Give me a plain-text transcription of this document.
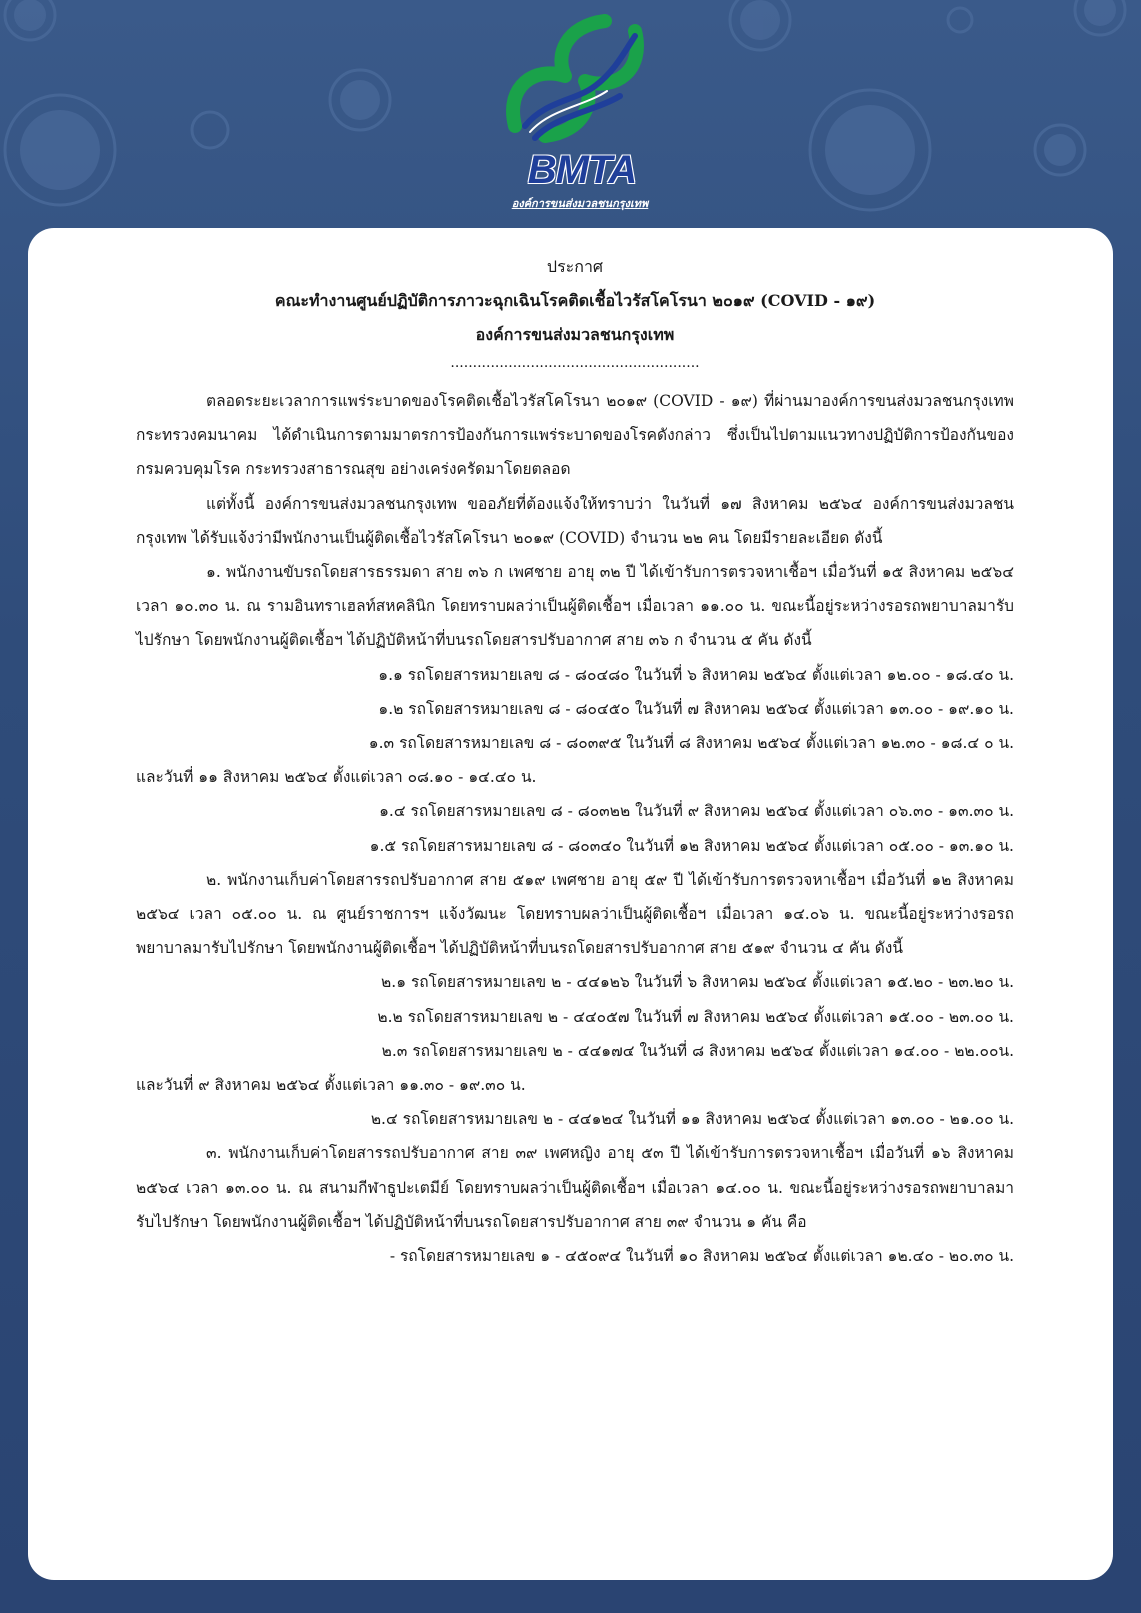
BMTA
องค์การขนส่งมวลชนกรุงเทพ
ประกาศ
คณะทำงานศูนย์ปฏิบัติการภาวะฉุกเฉินโรคติดเชื้อไวรัสโคโรนา ๒๐๑๙ (COVID - ๑๙)
องค์การขนส่งมวลชนกรุงเทพ
........................................................

ตลอดระยะเวลาการแพร่ระบาดของโรคติดเชื้อไวรัสโคโรนา ๒๐๑๙ (COVID - ๑๙) ที่ผ่านมาองค์การขนส่งมวลชนกรุงเทพ กระทรวงคมนาคม ได้ดำเนินการตามมาตรการป้องกันการแพร่ระบาดของโรคดังกล่าว ซึ่งเป็นไปตามแนวทางปฏิบัติการป้องกันของกรมควบคุมโรค กระทรวงสาธารณสุข อย่างเคร่งครัดมาโดยตลอด

แต่ทั้งนี้ องค์การขนส่งมวลชนกรุงเทพ ขออภัยที่ต้องแจ้งให้ทราบว่า ในวันที่ ๑๗ สิงหาคม ๒๕๖๔ องค์การขนส่งมวลชนกรุงเทพ ได้รับแจ้งว่ามีพนักงานเป็นผู้ติดเชื้อไวรัสโคโรนา ๒๐๑๙ (COVID) จำนวน ๒๒ คน โดยมีรายละเอียด ดังนี้

๑. พนักงานขับรถโดยสารธรรมดา สาย ๓๖ ก เพศชาย อายุ ๓๒ ปี ได้เข้ารับการตรวจหาเชื้อฯ เมื่อวันที่ ๑๕ สิงหาคม ๒๕๖๔ เวลา ๑๐.๓๐ น. ณ รามอินทราเฮลท์สหคลินิก โดยทราบผลว่าเป็นผู้ติดเชื้อฯ เมื่อเวลา ๑๑.๐๐ น. ขณะนี้อยู่ระหว่างรอรถพยาบาลมารับไปรักษา โดยพนักงานผู้ติดเชื้อฯ ได้ปฏิบัติหน้าที่บนรถโดยสารปรับอากาศ สาย ๓๖ ก จำนวน ๕ คัน ดังนี้

๑.๑ รถโดยสารหมายเลข ๘ - ๘๐๔๘๐ ในวันที่ ๖ สิงหาคม ๒๕๖๔ ตั้งแต่เวลา ๑๒.๐๐ - ๑๘.๔๐ น.

๑.๒ รถโดยสารหมายเลข ๘ - ๘๐๔๕๐ ในวันที่ ๗ สิงหาคม ๒๕๖๔ ตั้งแต่เวลา ๑๓.๐๐ - ๑๙.๑๐ น.

๑.๓ รถโดยสารหมายเลข ๘ - ๘๐๓๙๕ ในวันที่ ๘ สิงหาคม ๒๕๖๔ ตั้งแต่เวลา ๑๒.๓๐ - ๑๘.๔ ๐ น.

และวันที่ ๑๑ สิงหาคม ๒๕๖๔ ตั้งแต่เวลา ๐๘.๑๐ - ๑๔.๔๐ น.

๑.๔ รถโดยสารหมายเลข ๘ - ๘๐๓๒๒ ในวันที่ ๙ สิงหาคม ๒๕๖๔ ตั้งแต่เวลา ๐๖.๓๐ - ๑๓.๓๐ น.

๑.๕ รถโดยสารหมายเลข ๘ - ๘๐๓๔๐ ในวันที่ ๑๒ สิงหาคม ๒๕๖๔ ตั้งแต่เวลา ๐๕.๐๐ - ๑๓.๑๐ น.

๒. พนักงานเก็บค่าโดยสารรถปรับอากาศ สาย ๕๑๙ เพศชาย อายุ ๕๙ ปี ได้เข้ารับการตรวจหาเชื้อฯ เมื่อวันที่ ๑๒ สิงหาคม ๒๕๖๔ เวลา ๐๕.๐๐ น. ณ ศูนย์ราชการฯ แจ้งวัฒนะ โดยทราบผลว่าเป็นผู้ติดเชื้อฯ เมื่อเวลา ๑๔.๐๖ น. ขณะนี้อยู่ระหว่างรอรถพยาบาลมารับไปรักษา โดยพนักงานผู้ติดเชื้อฯ ได้ปฏิบัติหน้าที่บนรถโดยสารปรับอากาศ สาย ๕๑๙ จำนวน ๔ คัน ดังนี้

๒.๑ รถโดยสารหมายเลข ๒ - ๔๔๑๒๖ ในวันที่ ๖ สิงหาคม ๒๕๖๔ ตั้งแต่เวลา ๑๕.๒๐ - ๒๓.๒๐ น.

๒.๒ รถโดยสารหมายเลข ๒ - ๔๔๐๕๗ ในวันที่ ๗ สิงหาคม ๒๕๖๔ ตั้งแต่เวลา ๑๕.๐๐ - ๒๓.๐๐ น.

๒.๓ รถโดยสารหมายเลข ๒ - ๔๔๑๗๔ ในวันที่ ๘ สิงหาคม ๒๕๖๔ ตั้งแต่เวลา ๑๔.๐๐ - ๒๒.๐๐น.

และวันที่ ๙ สิงหาคม ๒๕๖๔ ตั้งแต่เวลา ๑๑.๓๐ - ๑๙.๓๐ น.

๒.๔ รถโดยสารหมายเลข ๒ - ๔๔๑๒๔ ในวันที่ ๑๑ สิงหาคม ๒๕๖๔ ตั้งแต่เวลา ๑๓.๐๐ - ๒๑.๐๐ น.

๓. พนักงานเก็บค่าโดยสารรถปรับอากาศ สาย ๓๙ เพศหญิง อายุ ๕๓ ปี ได้เข้ารับการตรวจหาเชื้อฯ เมื่อวันที่ ๑๖ สิงหาคม ๒๕๖๔ เวลา ๑๓.๐๐ น. ณ สนามกีฬาธูปะเตมีย์ โดยทราบผลว่าเป็นผู้ติดเชื้อฯ เมื่อเวลา ๑๔.๐๐ น. ขณะนี้อยู่ระหว่างรอรถพยาบาลมารับไปรักษา โดยพนักงานผู้ติดเชื้อฯ ได้ปฏิบัติหน้าที่บนรถโดยสารปรับอากาศ สาย ๓๙ จำนวน ๑ คัน คือ

- รถโดยสารหมายเลข ๑ - ๔๕๐๙๔ ในวันที่ ๑๐ สิงหาคม ๒๕๖๔ ตั้งแต่เวลา ๑๒.๔๐ - ๒๐.๓๐ น.
